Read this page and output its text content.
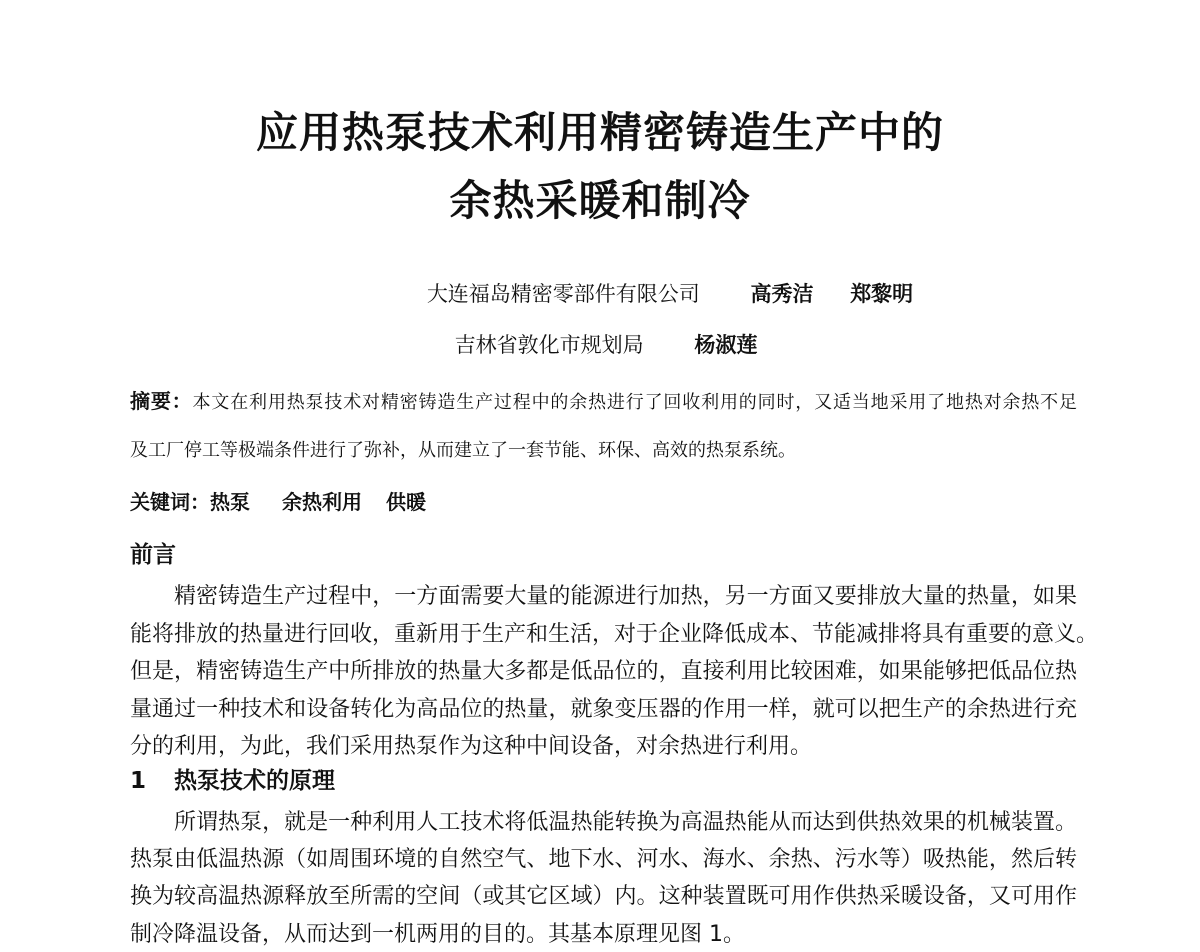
应用热泵技术利用精密铸造生产中的
余热采暖和制冷
大连福岛精密零部件有限公司 高秀洁 郑黎明
吉林省敦化市规划局 杨淑莲
摘要：本文在利用热泵技术对精密铸造生产过程中的余热进行了回收利用的同时，又适当地采用了地热对余热不足
及工厂停工等极端条件进行了弥补，从而建立了一套节能、环保、高效的热泵系统。
关键词：热泵 余热利用 供暖
前言
精密铸造生产过程中，一方面需要大量的能源进行加热，另一方面又要排放大量的热量，如果
能将排放的热量进行回收，重新用于生产和生活，对于企业降低成本、节能减排将具有重要的意义。
但是，精密铸造生产中所排放的热量大多都是低品位的，直接利用比较困难，如果能够把低品位热
量通过一种技术和设备转化为高品位的热量，就象变压器的作用一样，就可以把生产的余热进行充
分的利用，为此，我们采用热泵作为这种中间设备，对余热进行利用。
1 热泵技术的原理
所谓热泵，就是一种利用人工技术将低温热能转换为高温热能从而达到供热效果的机械装置。
热泵由低温热源（如周围环境的自然空气、地下水、河水、海水、余热、污水等）吸热能，然后转
换为较高温热源释放至所需的空间（或其它区域）内。这种装置既可用作供热采暖设备，又可用作
制冷降温设备，从而达到一机两用的目的。其基本原理见图 1。
